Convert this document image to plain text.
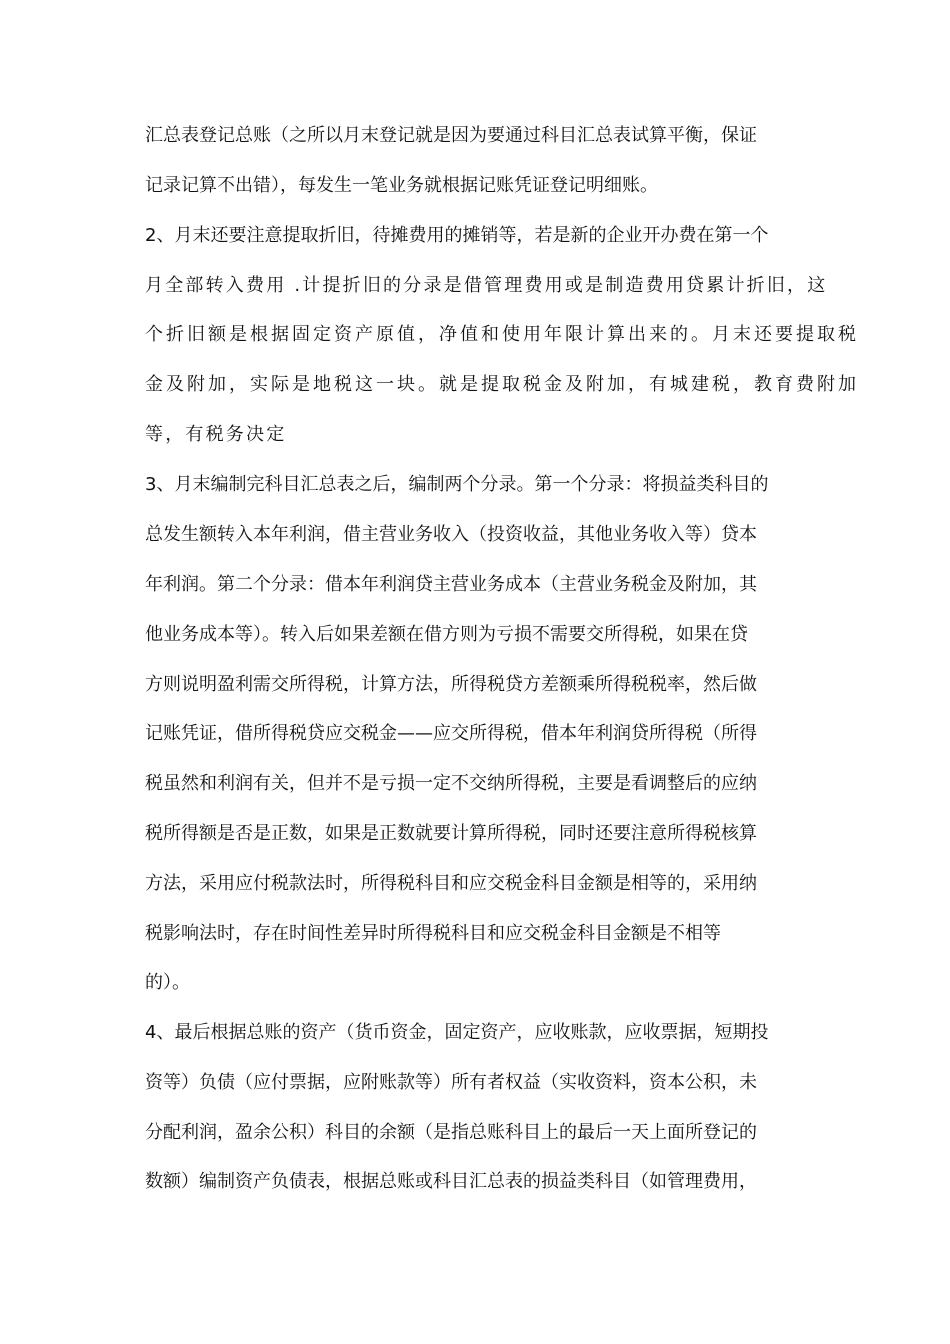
汇总表登记总账（之所以月末登记就是因为要通过科目汇总表试算平衡，保证
记录记算不出错），每发生一笔业务就根据记账凭证登记明细账。
2、月末还要注意提取折旧，待摊费用的摊销等，若是新的企业开办费在第一个
月全部转入费用 .计提折旧的分录是借管理费用或是制造费用贷累计折旧，这
个折旧额是根据固定资产原值，净值和使用年限计算出来的。月末还要提取税
金及附加，实际是地税这一块。就是提取税金及附加，有城建税，教育费附加
等，有税务决定
3、月末编制完科目汇总表之后，编制两个分录。第一个分录：将损益类科目的
总发生额转入本年利润，借主营业务收入（投资收益，其他业务收入等）贷本
年利润。第二个分录：借本年利润贷主营业务成本（主营业务税金及附加，其
他业务成本等）。转入后如果差额在借方则为亏损不需要交所得税，如果在贷
方则说明盈利需交所得税，计算方法，所得税贷方差额乘所得税税率，然后做
记账凭证，借所得税贷应交税金——应交所得税，借本年利润贷所得税（所得
税虽然和利润有关，但并不是亏损一定不交纳所得税，主要是看调整后的应纳
税所得额是否是正数，如果是正数就要计算所得税，同时还要注意所得税核算
方法，采用应付税款法时，所得税科目和应交税金科目金额是相等的，采用纳
税影响法时，存在时间性差异时所得税科目和应交税金科目金额是不相等
的）。
4、最后根据总账的资产（货币资金，固定资产，应收账款，应收票据，短期投
资等）负债（应付票据，应附账款等）所有者权益（实收资料，资本公积，未
分配利润，盈余公积）科目的余额（是指总账科目上的最后一天上面所登记的
数额）编制资产负债表，根据总账或科目汇总表的损益类科目（如管理费用，
